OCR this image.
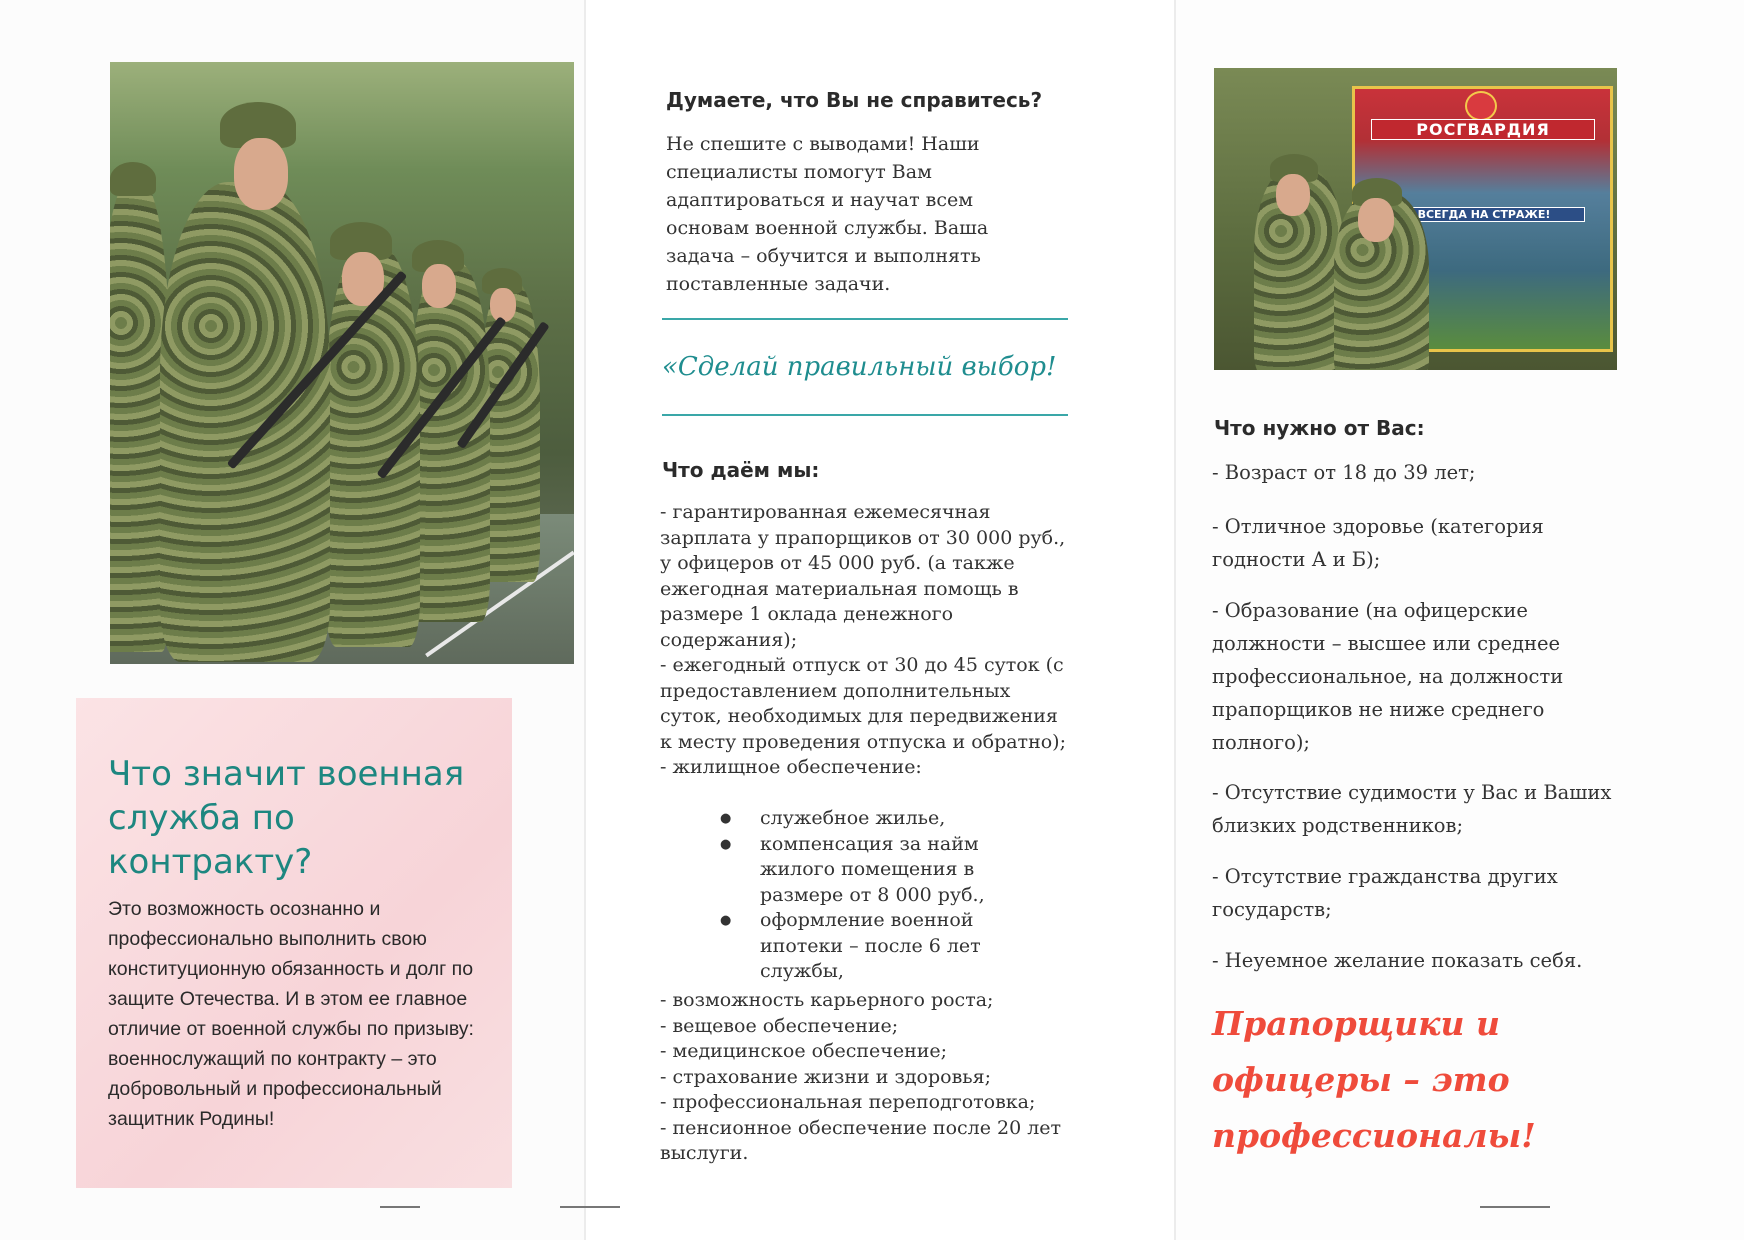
Что значит военная служба по контракту?
Это возможность осознанно и профессионально выполнить свою конституционную обязанность и долг по защите Отечества. И в этом ее главное отличие от военной службы по призыву: военнослужащий по контракту – это добровольный и профессиональный защитник Родины!
Думаете, что Вы не справитесь?
Не спешите с выводами! Наши специалисты помогут Вам адаптироваться и научат всем основам военной службы. Ваша задача – обучится и выполнять поставленные задачи.
«Сделай правильный выбор!
Что даём мы:
- гарантированная ежемесячная зарплата у прапорщиков от 30 000 руб., у офицеров от 45 000 руб. (а также ежегодная материальная помощь в размере 1 оклада денежного содержания);
- ежегодный отпуск от 30 до 45 суток (с предоставлением дополнительных суток, необходимых для передвижения к месту проведения отпуска и обратно);
- жилищное обеспечение:
● служебное жилье,
● компенсация за найм жилого помещения в размере от 8 000 руб.,
● оформление военной ипотеки – после 6 лет службы,
- возможность карьерного роста;
- вещевое обеспечение;
- медицинское обеспечение;
- страхование жизни и здоровья;
- профессиональная переподготовка;
- пенсионное обеспечение после 20 лет выслуги.
РОСГВАРДИЯ
ВСЕГДА НА СТРАЖЕ!
Что нужно от Вас:
- Возраст от 18 до 39 лет;
- Отличное здоровье (категория годности А и Б);
- Образование (на офицерские должности – высшее или среднее профессиональное, на должности прапорщиков не ниже среднего полного);
- Отсутствие судимости у Вас и Ваших близких родственников;
- Отсутствие гражданства других государств;
- Неуемное желание показать себя.
Прапорщики и офицеры – это профессионалы!
